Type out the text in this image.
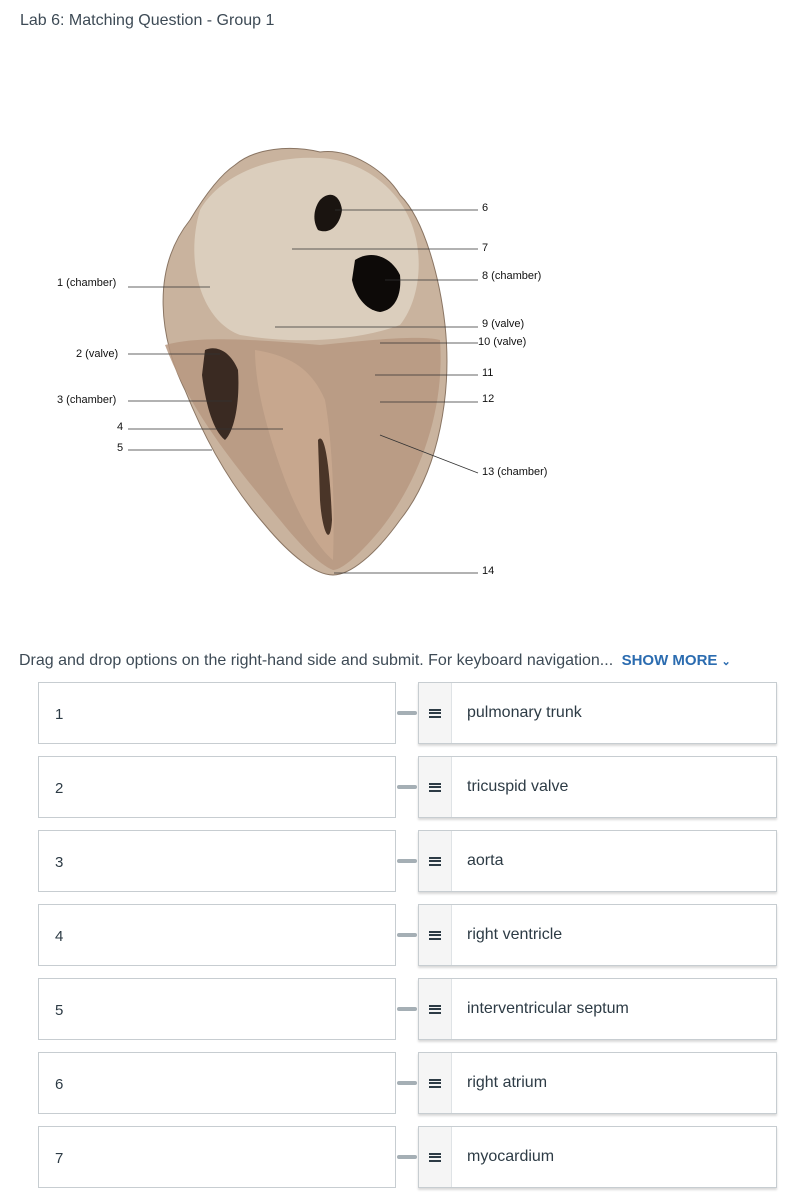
Lab 6: Matching Question - Group 1
1 (chamber)
2 (valve)
3 (chamber)
4
5
6
7
8 (chamber)
9 (valve)
10 (valve)
11
12
13 (chamber)
14
Drag and drop options on the right-hand side and submit. For keyboard navigation... SHOW MORE ⌄
1	pulmonary trunk
2	tricuspid valve
3	aorta
4	right ventricle
5	interventricular septum
6	right atrium
7	myocardium
